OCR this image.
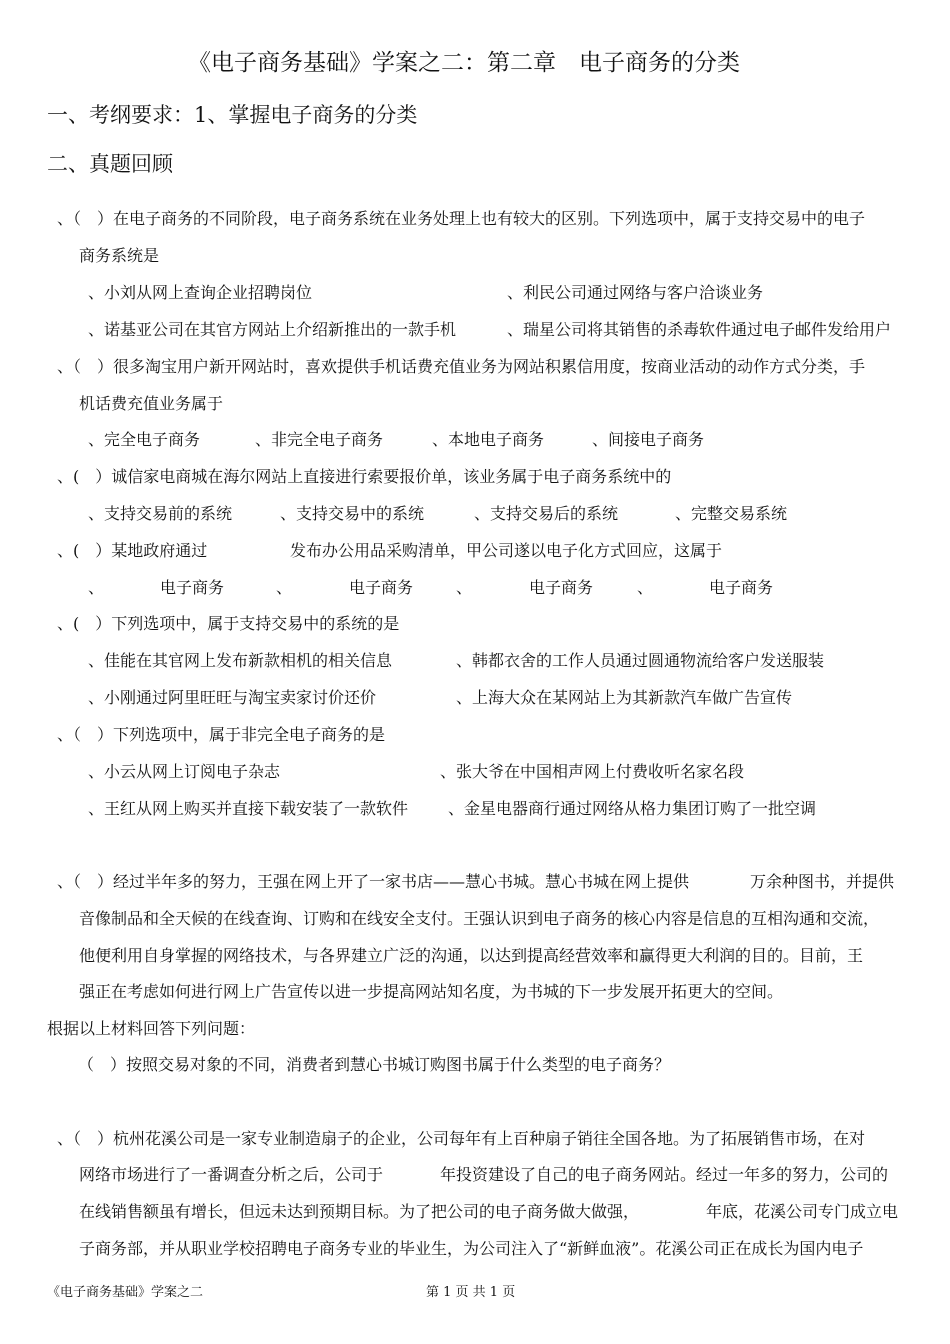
《电子商务基础》学案之二：第二章　电子商务的分类
一、考纲要求：1、掌握电子商务的分类
二、真题回顾
、（　）在电子商务的不同阶段，电子商务系统在业务处理上也有较大的区别。下列选项中，属于支持交易中的电子
商务系统是
、小刘从网上查询企业招聘岗位	、利民公司通过网络与客户洽谈业务
、诺基亚公司在其官方网站上介绍新推出的一款手机	、瑞星公司将其销售的杀毒软件通过电子邮件发给用户
、（　）很多淘宝用户新开网站时，喜欢提供手机话费充值业务为网站积累信用度，按商业活动的动作方式分类，手
机话费充值业务属于
、完全电子商务	、非完全电子商务	、本地电子商务	、间接电子商务
、(　）诚信家电商城在海尔网站上直接进行索要报价单，该业务属于电子商务系统中的
、支持交易前的系统	、支持交易中的系统	、支持交易后的系统	、完整交易系统
、(　）某地政府通过	发布办公用品采购清单，甲公司遂以电子化方式回应，这属于
、	电子商务	、	电子商务	、	电子商务	、	电子商务
、(　）下列选项中，属于支持交易中的系统的是
、佳能在其官网上发布新款相机的相关信息	、韩都衣舍的工作人员通过圆通物流给客户发送服装
、小刚通过阿里旺旺与淘宝卖家讨价还价	、上海大众在某网站上为其新款汽车做广告宣传
、（　）下列选项中，属于非完全电子商务的是
、小云从网上订阅电子杂志	、张大爷在中国相声网上付费收听名家名段
、王红从网上购买并直接下载安装了一款软件 、金星电器商行通过网络从格力集团订购了一批空调
、（　）经过半年多的努力，王强在网上开了一家书店——慧心书城。慧心书城在网上提供	万余种图书，并提供
音像制品和全天候的在线查询、订购和在线安全支付。王强认识到电子商务的核心内容是信息的互相沟通和交流，
他便利用自身掌握的网络技术，与各界建立广泛的沟通，以达到提高经营效率和赢得更大利润的目的。目前，王
强正在考虑如何进行网上广告宣传以进一步提高网站知名度，为书城的下一步发展开拓更大的空间。
根据以上材料回答下列问题：
（　）按照交易对象的不同，消费者到慧心书城订购图书属于什么类型的电子商务？
、（　）杭州花溪公司是一家专业制造扇子的企业，公司每年有上百种扇子销往全国各地。为了拓展销售市场，在对
网络市场进行了一番调查分析之后，公司于	年投资建设了自己的电子商务网站。经过一年多的努力，公司的
在线销售额虽有增长，但远未达到预期目标。为了把公司的电子商务做大做强，	年底，花溪公司专门成立电
子商务部，并从职业学校招聘电子商务专业的毕业生，为公司注入了“新鲜血液”。花溪公司正在成长为国内电子
《电子商务基础》学案之二	第 1 页 共 1 页
